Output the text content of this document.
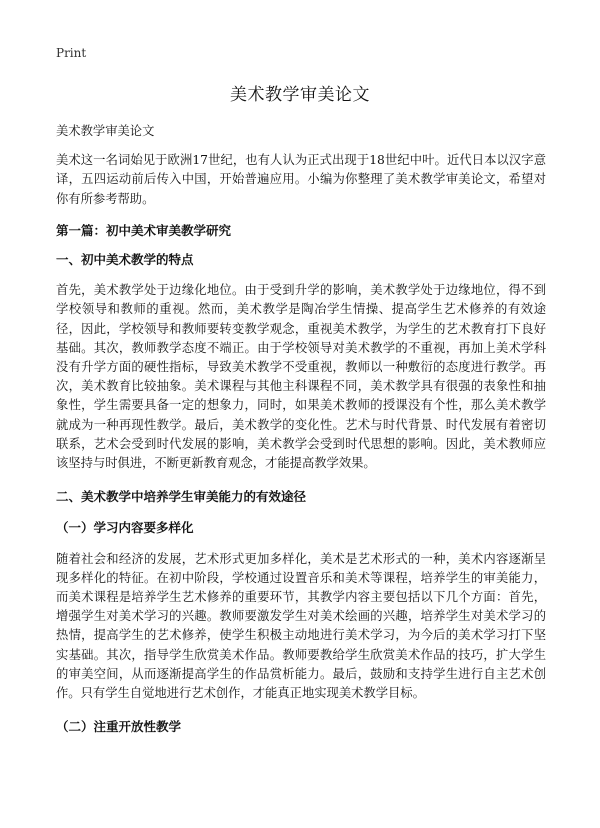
Print
美术教学审美论文

美术教学审美论文

美术这一名词始见于欧洲17世纪，也有人认为正式出现于18世纪中叶。近代日本以汉字意译，五四运动前后传入中国，开始普遍应用。小编为你整理了美术教学审美论文，希望对你有所参考帮助。

第一篇：初中美术审美教学研究

一、初中美术教学的特点

首先，美术教学处于边缘化地位。由于受到升学的影响，美术教学处于边缘地位，得不到学校领导和教师的重视。然而，美术教学是陶冶学生情操、提高学生艺术修养的有效途径，因此，学校领导和教师要转变教学观念，重视美术教学，为学生的艺术教育打下良好基础。其次，教师教学态度不端正。由于学校领导对美术教学的不重视，再加上美术学科没有升学方面的硬性指标，导致美术教学不受重视，教师以一种敷衍的态度进行教学。再次，美术教育比较抽象。美术课程与其他主科课程不同，美术教学具有很强的表象性和抽象性，学生需要具备一定的想象力，同时，如果美术教师的授课没有个性，那么美术教学就成为一种再现性教学。最后，美术教学的变化性。艺术与时代背景、时代发展有着密切联系，艺术会受到时代发展的影响，美术教学会受到时代思想的影响。因此，美术教师应该坚持与时俱进，不断更新教育观念，才能提高教学效果。

二、美术教学中培养学生审美能力的有效途径

（一）学习内容要多样化

随着社会和经济的发展，艺术形式更加多样化，美术是艺术形式的一种，美术内容逐渐呈现多样化的特征。在初中阶段，学校通过设置音乐和美术等课程，培养学生的审美能力，而美术课程是培养学生艺术修养的重要环节，其教学内容主要包括以下几个方面：首先，增强学生对美术学习的兴趣。教师要激发学生对美术绘画的兴趣，培养学生对美术学习的热情，提高学生的艺术修养，使学生积极主动地进行美术学习，为今后的美术学习打下坚实基础。其次，指导学生欣赏美术作品。教师要教给学生欣赏美术作品的技巧，扩大学生的审美空间，从而逐渐提高学生的作品赏析能力。最后，鼓励和支持学生进行自主艺术创作。只有学生自觉地进行艺术创作，才能真正地实现美术教学目标。

（二）注重开放性教学
